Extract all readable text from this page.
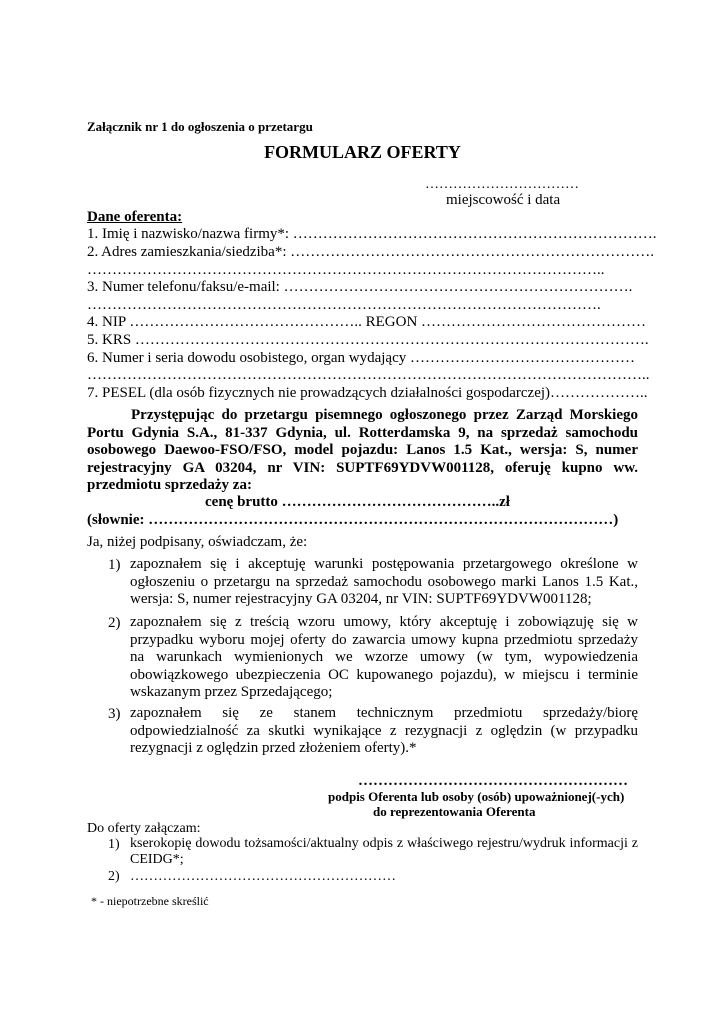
Załącznik nr 1 do ogłoszenia o przetargu
FORMULARZ OFERTY
……………………………
miejscowość i data
Dane oferenta:
1. Imię i nazwisko/nazwa firmy*: ……………………………………………………………….
2. Adres zamieszkania/siedziba*: ……………………………………………………………….
…………………………………………………………………………………………..
3. Numer telefonu/faksu/e-mail: …………………………………………………………….
………………………………………………………………………………………….
4. NIP ……………………………………….. REGON ………………………………………
5. KRS ………………………………………………………………………………………….
6. Numer i seria dowodu osobistego, organ wydający ………………………………………
…………………………………………………………………………………………………..
7. PESEL (dla osób fizycznych nie prowadzących działalności gospodarczej)………………..
Przystępując do przetargu pisemnego ogłoszonego przez Zarząd Morskiego Portu Gdynia S.A., 81-337 Gdynia, ul. Rotterdamska 9, na sprzedaż samochodu osobowego Daewoo-FSO/FSO, model pojazdu: Lanos 1.5 Kat., wersja: S, numer rejestracyjny GA 03204, nr VIN: SUPTF69YDVW001128, oferuję kupno ww. przedmiotu sprzedaży za:
cenę brutto ……………………………………..zł
(słownie: …………………………………………………………………………………)
Ja, niżej podpisany, oświadczam, że:
1) zapoznałem się i akceptuję warunki postępowania przetargowego określone w ogłoszeniu o przetargu na sprzedaż samochodu osobowego marki Lanos 1.5 Kat., wersja: S, numer rejestracyjny GA 03204, nr VIN: SUPTF69YDVW001128;
2) zapoznałem się z treścią wzoru umowy, który akceptuję i zobowiązuję się w przypadku wyboru mojej oferty do zawarcia umowy kupna przedmiotu sprzedaży na warunkach wymienionych we wzorze umowy (w tym, wypowiedzenia obowiązkowego ubezpieczenia OC kupowanego pojazdu), w miejscu i terminie wskazanym przez Sprzedającego;
3) zapoznałem się ze stanem technicznym przedmiotu sprzedaży/biorę odpowiedzialność za skutki wynikające z rezygnacji z oględzin (w przypadku rezygnacji z oględzin przed złożeniem oferty).*
………………………………………………
podpis Oferenta lub osoby (osób) upoważnionej(-ych)
do reprezentowania Oferenta
Do oferty załączam:
1) kserokopię dowodu tożsamości/aktualny odpis z właściwego rejestru/wydruk informacji z CEIDG*;
2) …………………………………………………
* - niepotrzebne skreślić
